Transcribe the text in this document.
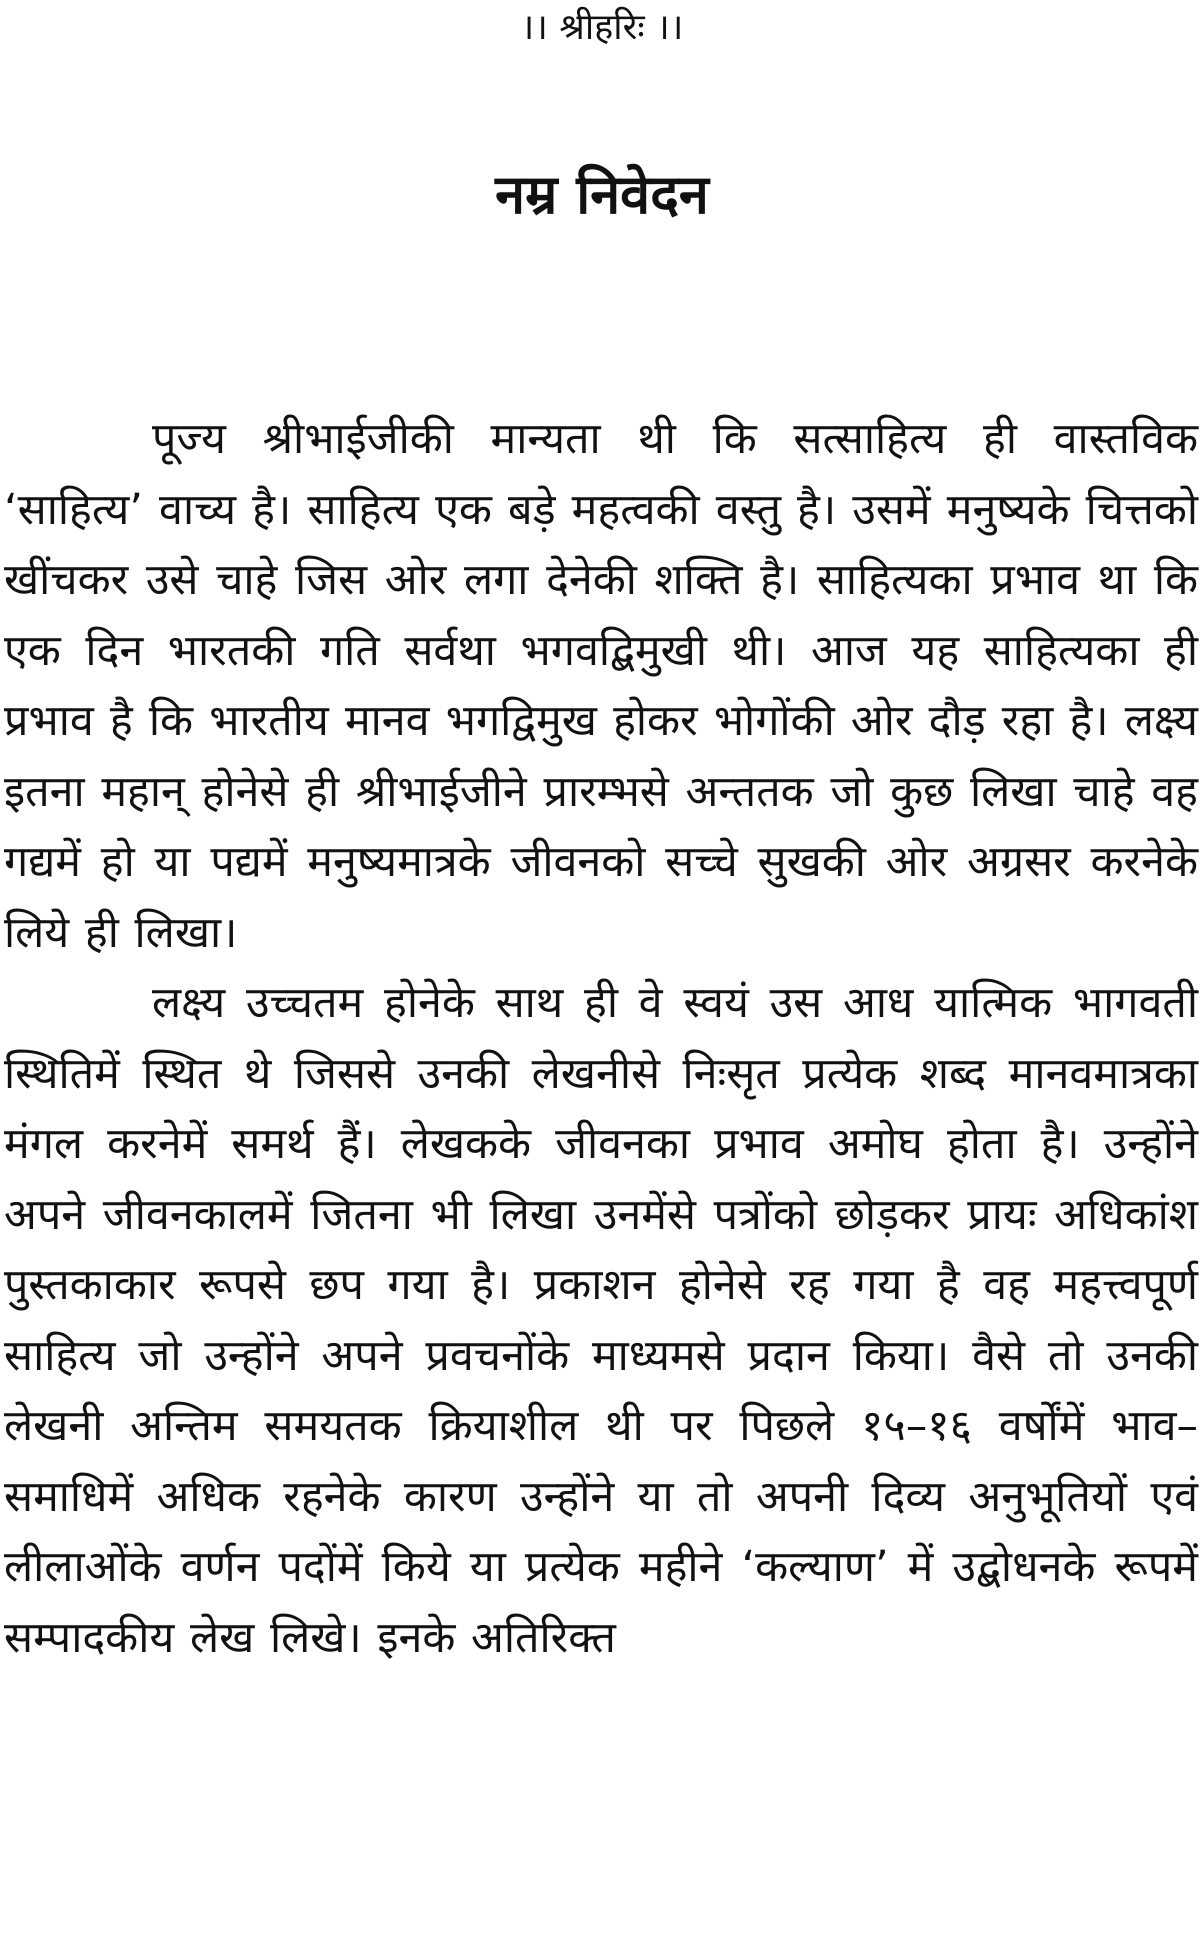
।। श्रीहरिः ।।
नम्र निवेदन

पूज्य श्रीभाईजीकी मान्यता थी कि सत्साहित्य ही वास्तविक ‘साहित्य’ वाच्य है। साहित्य एक बड़े महत्वकी वस्तु है। उसमें मनुष्यके चित्तको खींचकर उसे चाहे जिस ओर लगा देनेकी शक्ति है। साहित्यका प्रभाव था कि एक दिन भारतकी गति सर्वथा भगवद्बिमुखी थी। आज यह साहित्यका ही प्रभाव है कि भारतीय मानव भगद्विमुख होकर भोगोंकी ओर दौड़ रहा है। लक्ष्य इतना महान् होनेसे ही श्रीभाईजीने प्रारम्भसे अन्ततक जो कुछ लिखा चाहे वह गद्यमें हो या पद्यमें मनुष्यमात्रके जीवनको सच्चे सुखकी ओर अग्रसर करनेके लिये ही लिखा।

लक्ष्य उच्चतम होनेके साथ ही वे स्वयं उस आध यात्मिक भागवती स्थितिमें स्थित थे जिससे उनकी लेखनीसे निःसृत प्रत्येक शब्द मानवमात्रका मंगल करनेमें समर्थ हैं। लेखकके जीवनका प्रभाव अमोघ होता है। उन्होंने अपने जीवनकालमें जितना भी लिखा उनमेंसे पत्रोंको छोड़कर प्रायः अधिकांश पुस्तकाकार रूपसे छप गया है। प्रकाशन होनेसे रह गया है वह महत्त्वपूर्ण साहित्य जो उन्होंने अपने प्रवचनोंके माध्यमसे प्रदान किया। वैसे तो उनकी लेखनी अन्तिम समयतक क्रियाशील थी पर पिछले १५–१६ वर्षोंमें भाव–समाधिमें अधिक रहनेके कारण उन्होंने या तो अपनी दिव्य अनुभूतियों एवं लीलाओंके वर्णन पदोंमें किये या प्रत्येक महीने ‘कल्याण’ में उद्बोधनके रूपमें सम्पादकीय लेख लिखे। इनके अतिरिक्त
